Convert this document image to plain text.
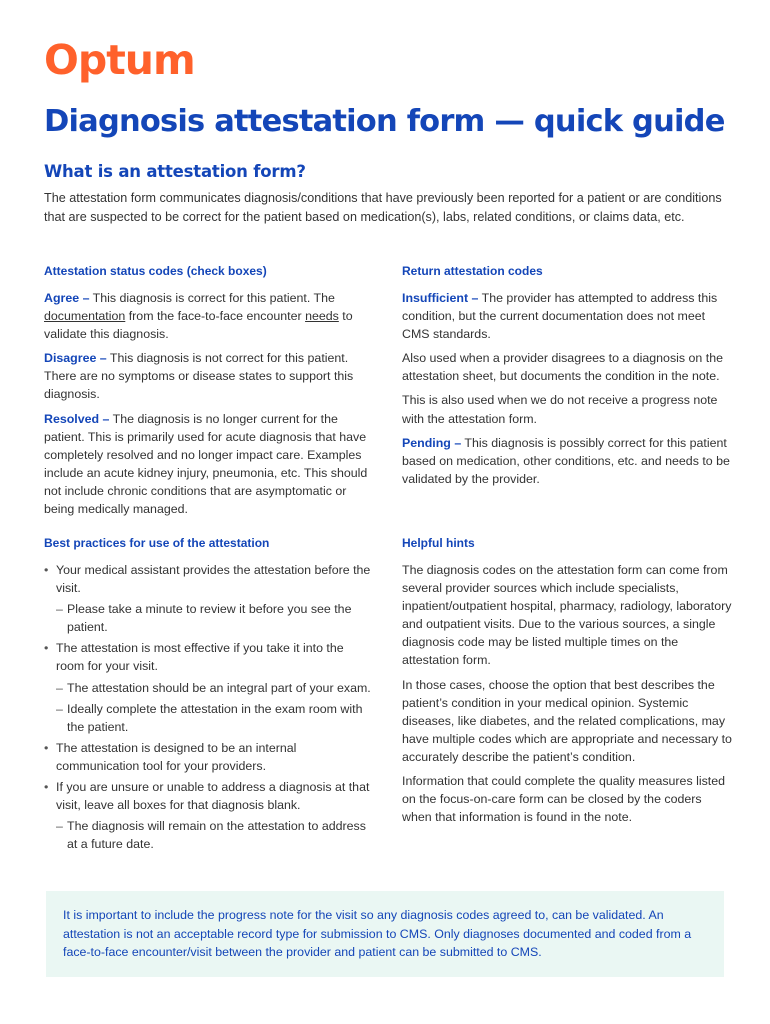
Optum
Diagnosis attestation form — quick guide
What is an attestation form?

The attestation form communicates diagnosis/conditions that have previously been reported for a patient or are conditions that are suspected to be correct for the patient based on medication(s), labs, related conditions, or claims data, etc.

Attestation status codes (check boxes)

Agree – This diagnosis is correct for this patient. The documentation from the face-to-face encounter needs to validate this diagnosis.

Disagree – This diagnosis is not correct for this patient. There are no symptoms or disease states to support this diagnosis.

Resolved – The diagnosis is no longer current for the patient. This is primarily used for acute diagnosis that have completely resolved and no longer impact care. Examples include an acute kidney injury, pneumonia, etc. This should not include chronic conditions that are asymptomatic or being medically managed.

Return attestation codes

Insufficient – The provider has attempted to address this condition, but the current documentation does not meet CMS standards.

Also used when a provider disagrees to a diagnosis on the attestation sheet, but documents the condition in the note.

This is also used when we do not receive a progress note with the attestation form.

Pending – This diagnosis is possibly correct for this patient based on medication, other conditions, etc. and needs to be validated by the provider.

Best practices for use of the attestation
• Your medical assistant provides the attestation before the visit.
– Please take a minute to review it before you see the patient.
• The attestation is most effective if you take it into the room for your visit.
– The attestation should be an integral part of your exam.
– Ideally complete the attestation in the exam room with the patient.
• The attestation is designed to be an internal communication tool for your providers.
• If you are unsure or unable to address a diagnosis at that visit, leave all boxes for that diagnosis blank.
– The diagnosis will remain on the attestation to address at a future date.
Helpful hints

The diagnosis codes on the attestation form can come from several provider sources which include specialists, inpatient/outpatient hospital, pharmacy, radiology, laboratory and outpatient visits. Due to the various sources, a single diagnosis code may be listed multiple times on the attestation form.

In those cases, choose the option that best describes the patient’s condition in your medical opinion. Systemic diseases, like diabetes, and the related complications, may have multiple codes which are appropriate and necessary to accurately describe the patient’s condition.

Information that could complete the quality measures listed on the focus-on-care form can be closed by the coders when that information is found in the note.

It is important to include the progress note for the visit so any diagnosis codes agreed to, can be validated. An attestation is not an acceptable record type for submission to CMS. Only diagnoses documented and coded from a face-to-face encounter/visit between the provider and patient can be submitted to CMS.
